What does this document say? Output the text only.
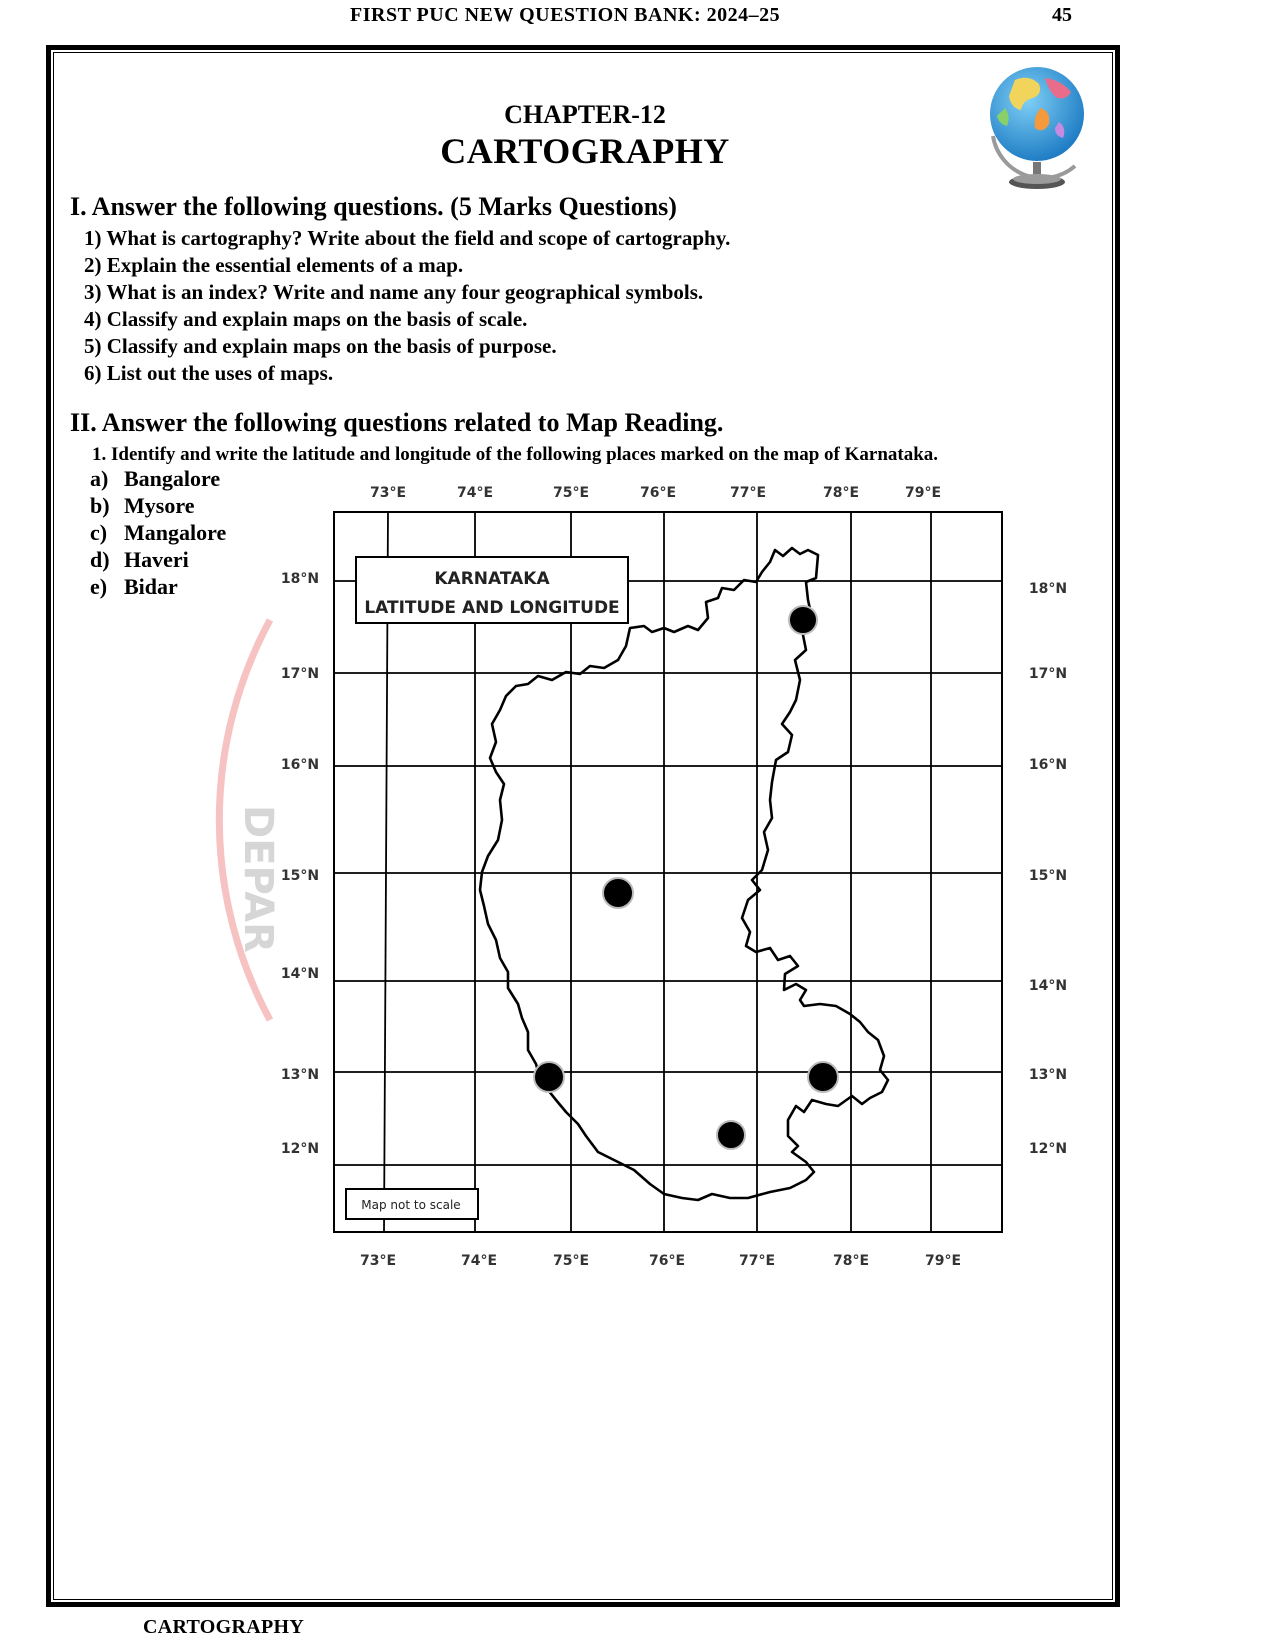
FIRST PUC NEW QUESTION BANK: 2024–25	45
CHAPTER-12
CARTOGRAPHY
I. Answer the following questions. (5 Marks Questions)
1) What is cartography? Write about the field and scope of cartography.
2) Explain the essential elements of a map.
3) What is an index? Write and name any four geographical symbols.
4) Classify and explain maps on the basis of scale.
5) Classify and explain maps on the basis of purpose.
6) List out the uses of maps.
II. Answer the following questions related to Map Reading.
1. Identify and write the latitude and longitude of the following places marked on the map of Karnataka.
a) Bangalore
b) Mysore
c) Mangalore
d) Haveri
e) Bidar
DEPAR
KARNATAKA
LATITUDE AND LONGITUDE
Map not to scale
73°E	74°E	75°E	76°E	77°E	78°E	79°E
73°E	74°E	75°E	76°E	77°E	78°E	79°E
18°N
17°N
16°N
15°N
14°N
13°N
12°N
18°N
17°N
16°N
15°N
14°N
13°N
12°N
CARTOGRAPHY
